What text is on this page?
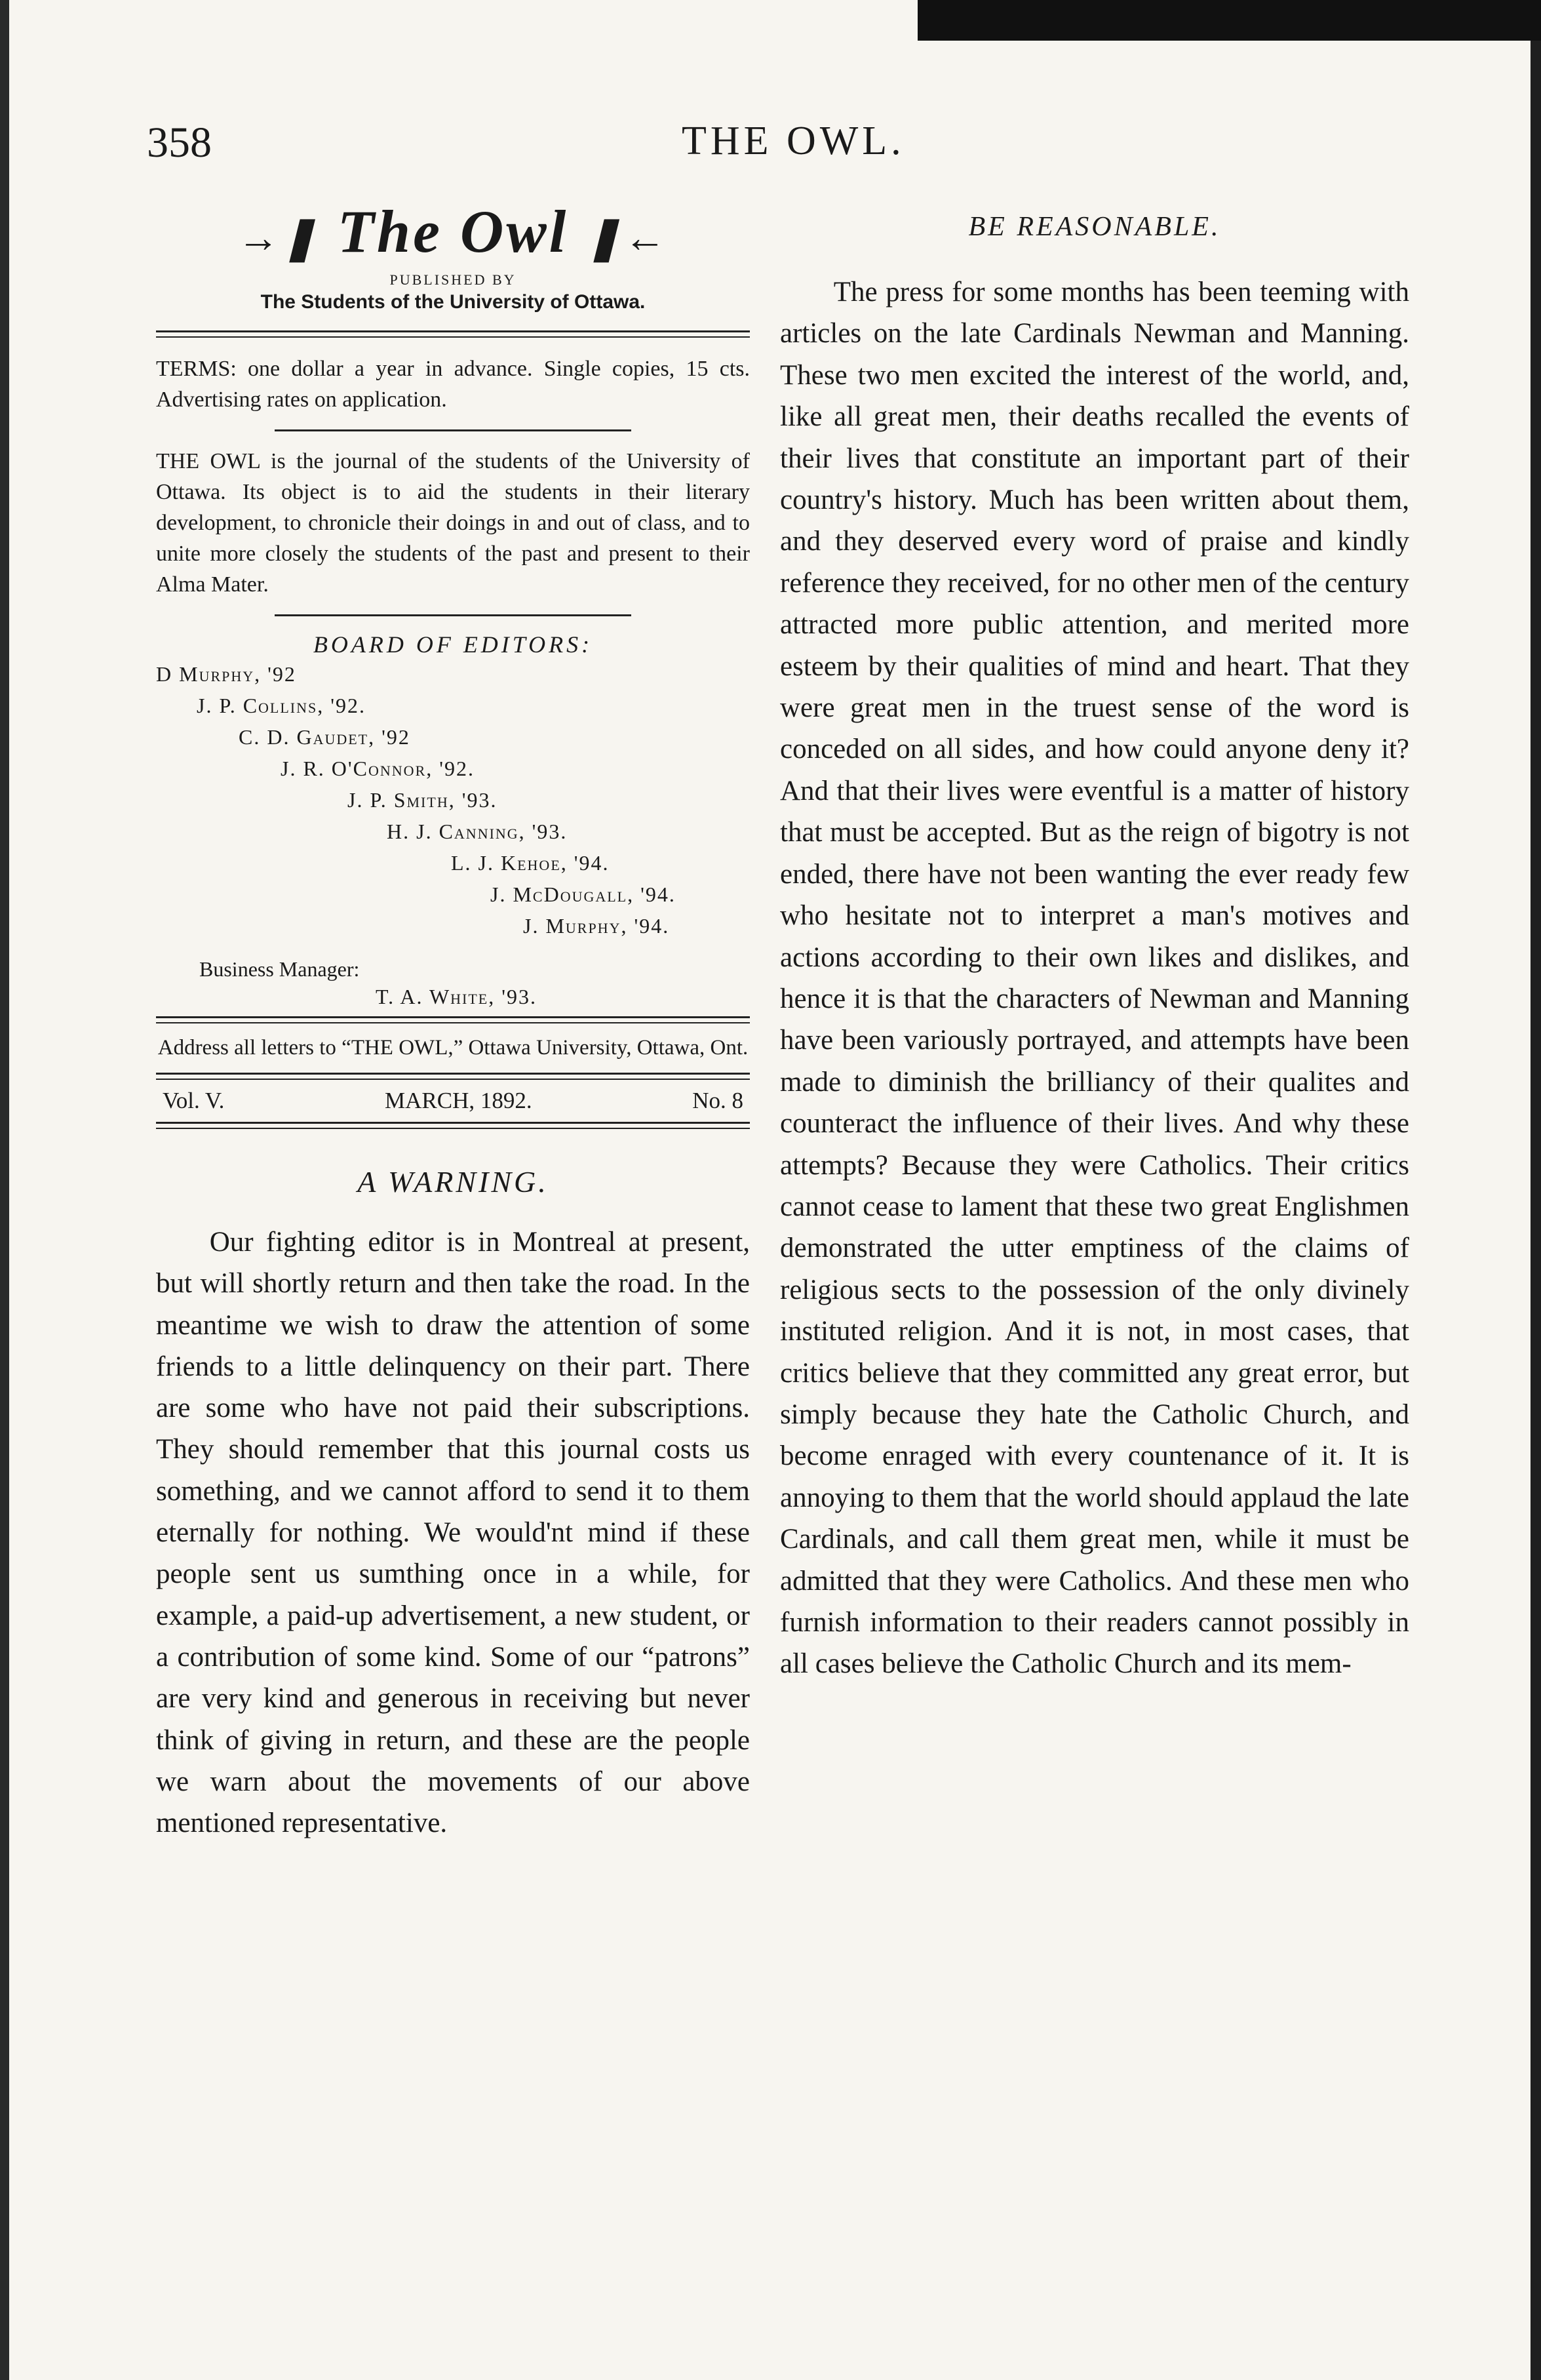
358	THE OWL.
→❚ The Owl ❚←
PUBLISHED BY
The Students of the University of Ottawa.

TERMS: one dollar a year in advance. Single copies, 15 cts. Advertising rates on application.

THE OWL is the journal of the students of the University of Ottawa. Its object is to aid the students in their literary development, to chronicle their doings in and out of class, and to unite more closely the students of the past and present to their Alma Mater.

BOARD OF EDITORS:
D Murphy, '92
J. P. Collins, '92.
C. D. Gaudet, '92
J. R. O'Connor, '92.
J. P. Smith, '93.
H. J. Canning, '93.
L. J. Kehoe, '94.
J. McDougall, '94.
J. Murphy, '94.
Business Manager:
T. A. White, '93.
Address all letters to “THE OWL,” Ottawa University, Ottawa, Ont.
Vol. V.	MARCH, 1892.	No. 8
A WARNING.

Our fighting editor is in Montreal at present, but will shortly return and then take the road. In the meantime we wish to draw the attention of some friends to a little delinquency on their part. There are some who have not paid their subscriptions. They should remember that this journal costs us something, and we cannot afford to send it to them eternally for nothing. We would'nt mind if these people sent us sumthing once in a while, for example, a paid-up advertisement, a new student, or a contribution of some kind. Some of our “patrons” are very kind and generous in receiving but never think of giving in return, and these are the people we warn about the movements of our above mentioned representative.

BE REASONABLE.

The press for some months has been teeming with articles on the late Cardinals Newman and Manning. These two men excited the interest of the world, and, like all great men, their deaths recalled the events of their lives that constitute an important part of their country's history. Much has been written about them, and they deserved every word of praise and kindly reference they received, for no other men of the century attracted more public attention, and merited more esteem by their qualities of mind and heart. That they were great men in the truest sense of the word is conceded on all sides, and how could anyone deny it? And that their lives were eventful is a matter of history that must be accepted. But as the reign of bigotry is not ended, there have not been wanting the ever ready few who hesitate not to interpret a man's motives and actions according to their own likes and dislikes, and hence it is that the characters of Newman and Manning have been variously portrayed, and attempts have been made to diminish the brilliancy of their qualites and counteract the influence of their lives. And why these attempts? Because they were Catholics. Their critics cannot cease to lament that these two great Englishmen demonstrated the utter emptiness of the claims of religious sects to the possession of the only divinely instituted religion. And it is not, in most cases, that critics believe that they committed any great error, but simply because they hate the Catholic Church, and become enraged with every countenance of it. It is annoying to them that the world should applaud the late Cardinals, and call them great men, while it must be admitted that they were Catholics. And these men who furnish information to their readers cannot possibly in all cases believe the Catholic Church and its mem-
